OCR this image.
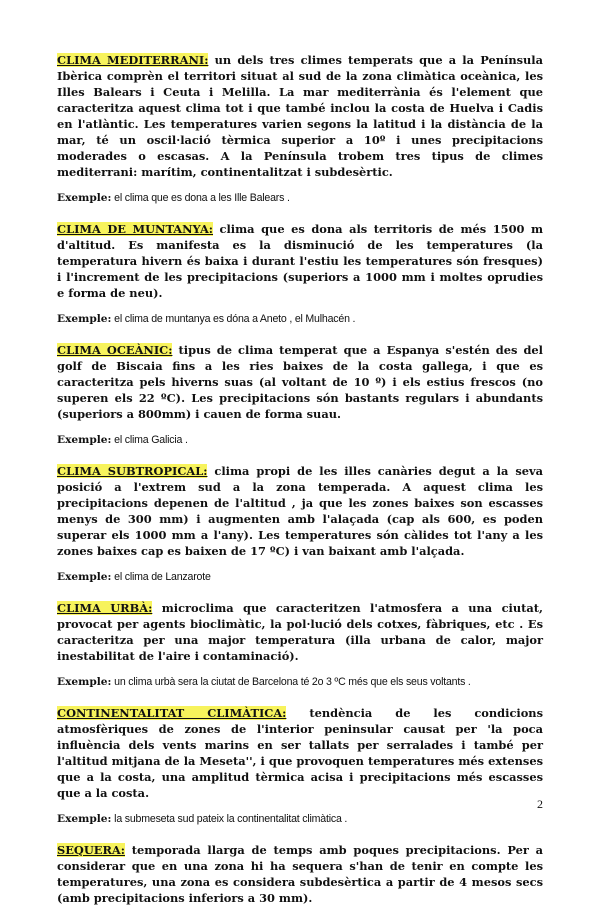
CLIMA MEDITERRANI: un dels tres climes temperats que a la Península Ibèrica comprèn el territori situat al sud de la zona climàtica oceànica, les Illes Balears i Ceuta i Melilla. La mar mediterrània és l'element que caracteritza aquest clima tot i que també inclou la costa de Huelva i Cadis en l'atlàntic. Les temperatures varien segons la latitud i la distància de la mar, té un oscil·lació tèrmica superior a 10º i unes precipitacions moderades o escasas. A la Península trobem tres tipus de climes mediterrani: marítim, continentalitzat i subdesèrtic.

Exemple: el clima que es dona a les Ille Balears .

CLIMA DE MUNTANYA: clima que es dona als territoris de més 1500 m d'altitud. Es manifesta es la disminució de les temperatures (la temperatura hivern és baixa i durant l'estiu les temperatures són fresques) i l'increment de les precipitacions (superiors a 1000 mm i moltes oprudies e forma de neu).

Exemple: el clima de muntanya es dóna a Aneto , el Mulhacén .

CLIMA OCEÀNIC: tipus de clima temperat que a Espanya s'estén des del golf de Biscaia fins a les ries baixes de la costa gallega, i que es caracteritza pels hiverns suas (al voltant de 10 º) i els estius frescos (no superen els 22 ºC). Les precipitacions són bastants regulars i abundants (superiors a 800mm) i cauen de forma suau.

Exemple: el clima Galicia .

CLIMA SUBTROPICAL: clima propi de les illes canàries degut a la seva posició a l'extrem sud a la zona temperada. A aquest clima les precipitacions depenen de l'altitud , ja que les zones baixes son escasses menys de 300 mm) i augmenten amb l'alaçada (cap als 600, es poden superar els 1000 mm a l'any). Les temperatures són càlides tot l'any a les zones baixes cap es baixen de 17 ºC) i van baixant amb l'alçada.

Exemple: el clima de Lanzarote

CLIMA URBÀ: microclima que caracteritzen l'atmosfera a una ciutat, provocat per agents bioclimàtic, la pol·lució dels cotxes, fàbriques, etc . Es caracteritza per una major temperatura (illa urbana de calor, major inestabilitat de l'aire i contaminació).

Exemple: un clima urbà sera la ciutat de Barcelona té 2o 3 ºC més que els seus voltants .

CONTINENTALITAT CLIMÀTICA: tendència de les condicions atmosfèriques de zones de l'interior peninsular causat per 'la poca influència dels vents marins en ser tallats per serralades i també per l'altitud mitjana de la Meseta'', i que provoquen temperatures més extenses que a la costa, una amplitud tèrmica acisa i precipitacions més escasses que a la costa.

Exemple: la submeseta sud pateix la continentalitat climàtica .

SEQUERA: temporada llarga de temps amb poques precipitacions. Per a considerar que en una zona hi ha sequera s'han de tenir en compte les temperatures, una zona es considera subdesèrtica a partir de 4 mesos secs (amb precipitacions inferiors a 30 mm).

2
